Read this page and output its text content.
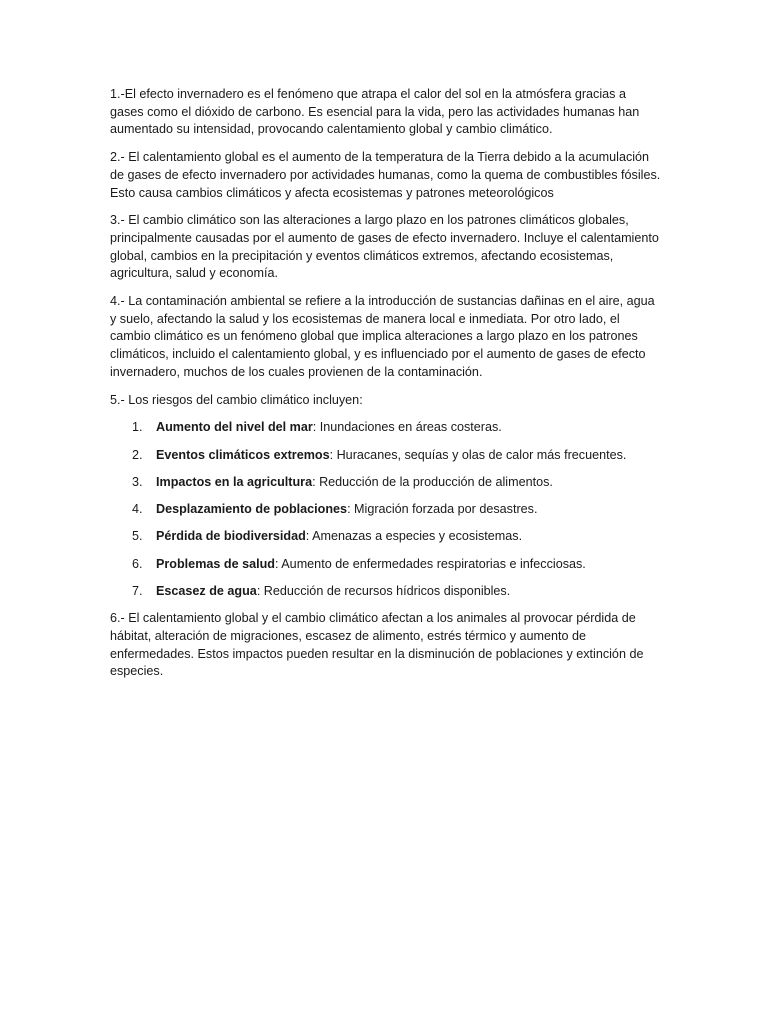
1.-El efecto invernadero es el fenómeno que atrapa el calor del sol en la atmósfera gracias a gases como el dióxido de carbono. Es esencial para la vida, pero las actividades humanas han aumentado su intensidad, provocando calentamiento global y cambio climático.

2.- El calentamiento global es el aumento de la temperatura de la Tierra debido a la acumulación de gases de efecto invernadero por actividades humanas, como la quema de combustibles fósiles. Esto causa cambios climáticos y afecta ecosistemas y patrones meteorológicos

3.- El cambio climático son las alteraciones a largo plazo en los patrones climáticos globales, principalmente causadas por el aumento de gases de efecto invernadero. Incluye el calentamiento global, cambios en la precipitación y eventos climáticos extremos, afectando ecosistemas, agricultura, salud y economía.

4.- La contaminación ambiental se refiere a la introducción de sustancias dañinas en el aire, agua y suelo, afectando la salud y los ecosistemas de manera local e inmediata. Por otro lado, el cambio climático es un fenómeno global que implica alteraciones a largo plazo en los patrones climáticos, incluido el calentamiento global, y es influenciado por el aumento de gases de efecto invernadero, muchos de los cuales provienen de la contaminación.

5.- Los riesgos del cambio climático incluyen:

1. Aumento del nivel del mar: Inundaciones en áreas costeras.
2. Eventos climáticos extremos: Huracanes, sequías y olas de calor más frecuentes.
3. Impactos en la agricultura: Reducción de la producción de alimentos.
4. Desplazamiento de poblaciones: Migración forzada por desastres.
5. Pérdida de biodiversidad: Amenazas a especies y ecosistemas.
6. Problemas de salud: Aumento de enfermedades respiratorias e infecciosas.
7. Escasez de agua: Reducción de recursos hídricos disponibles.

6.- El calentamiento global y el cambio climático afectan a los animales al provocar pérdida de hábitat, alteración de migraciones, escasez de alimento, estrés térmico y aumento de enfermedades. Estos impactos pueden resultar en la disminución de poblaciones y extinción de especies.
